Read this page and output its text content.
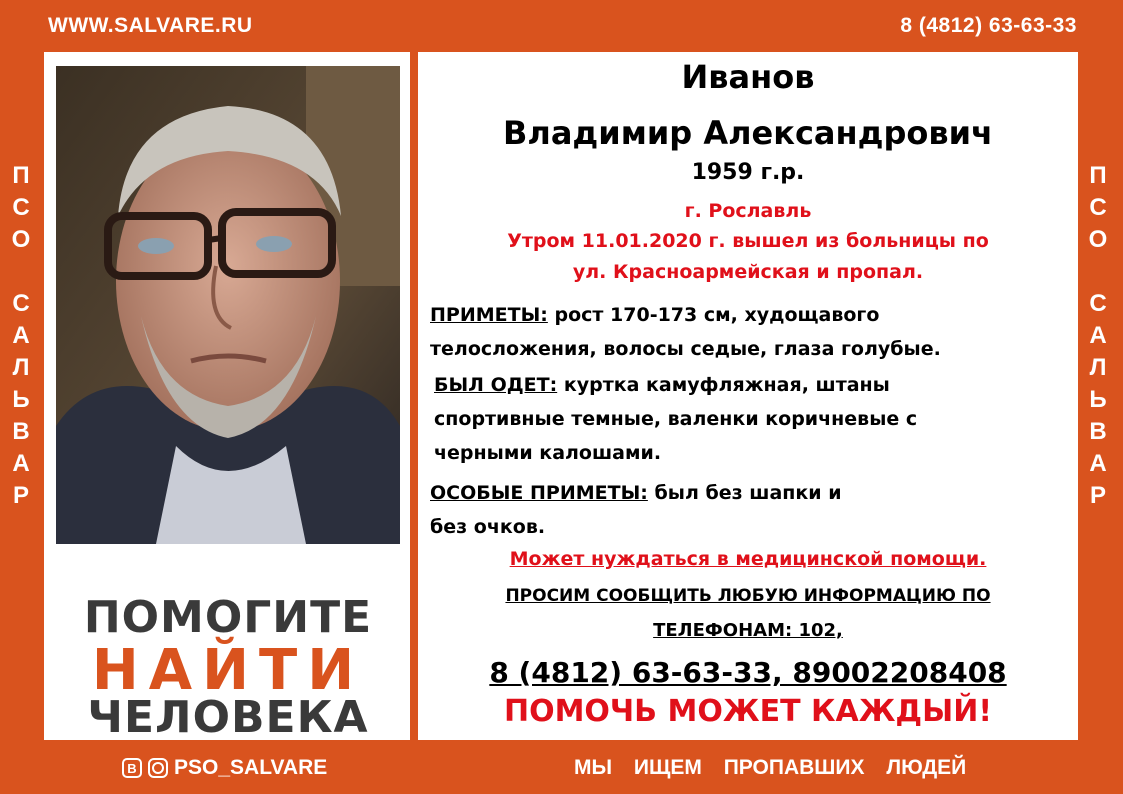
WWW.SALVARE.RU	8 (4812) 63-63-33
П
С
О
С
А
Л
Ь
В
А
Р
П
С
О
С
А
Л
Ь
В
А
Р
ПОМОГИТЕ
НАЙТИ
ЧЕЛОВЕКА
Иванов
Владимир Александрович
1959 г.р.
г. Рославль
Утром 11.01.2020 г. вышел из больницы по
ул. Красноармейская и пропал.
ПРИМЕТЫ: рост 170-173 см, худощавого
телосложения, волосы седые, глаза голубые.
БЫЛ ОДЕТ: куртка камуфляжная, штаны
спортивные темные, валенки коричневые с
черными калошами.
ОСОБЫЕ ПРИМЕТЫ: был без шапки и
без очков.
Может нуждаться в медицинской помощи.
ПРОСИМ СООБЩИТЬ ЛЮБУЮ ИНФОРМАЦИЮ ПО
ТЕЛЕФОНАМ: 102,
8 (4812) 63-63-33, 89002208408
ПОМОЧЬ МОЖЕТ КАЖДЫЙ!
В PSO_SALVARE	МЫ ИЩЕМ ПРОПАВШИХ ЛЮДЕЙ
